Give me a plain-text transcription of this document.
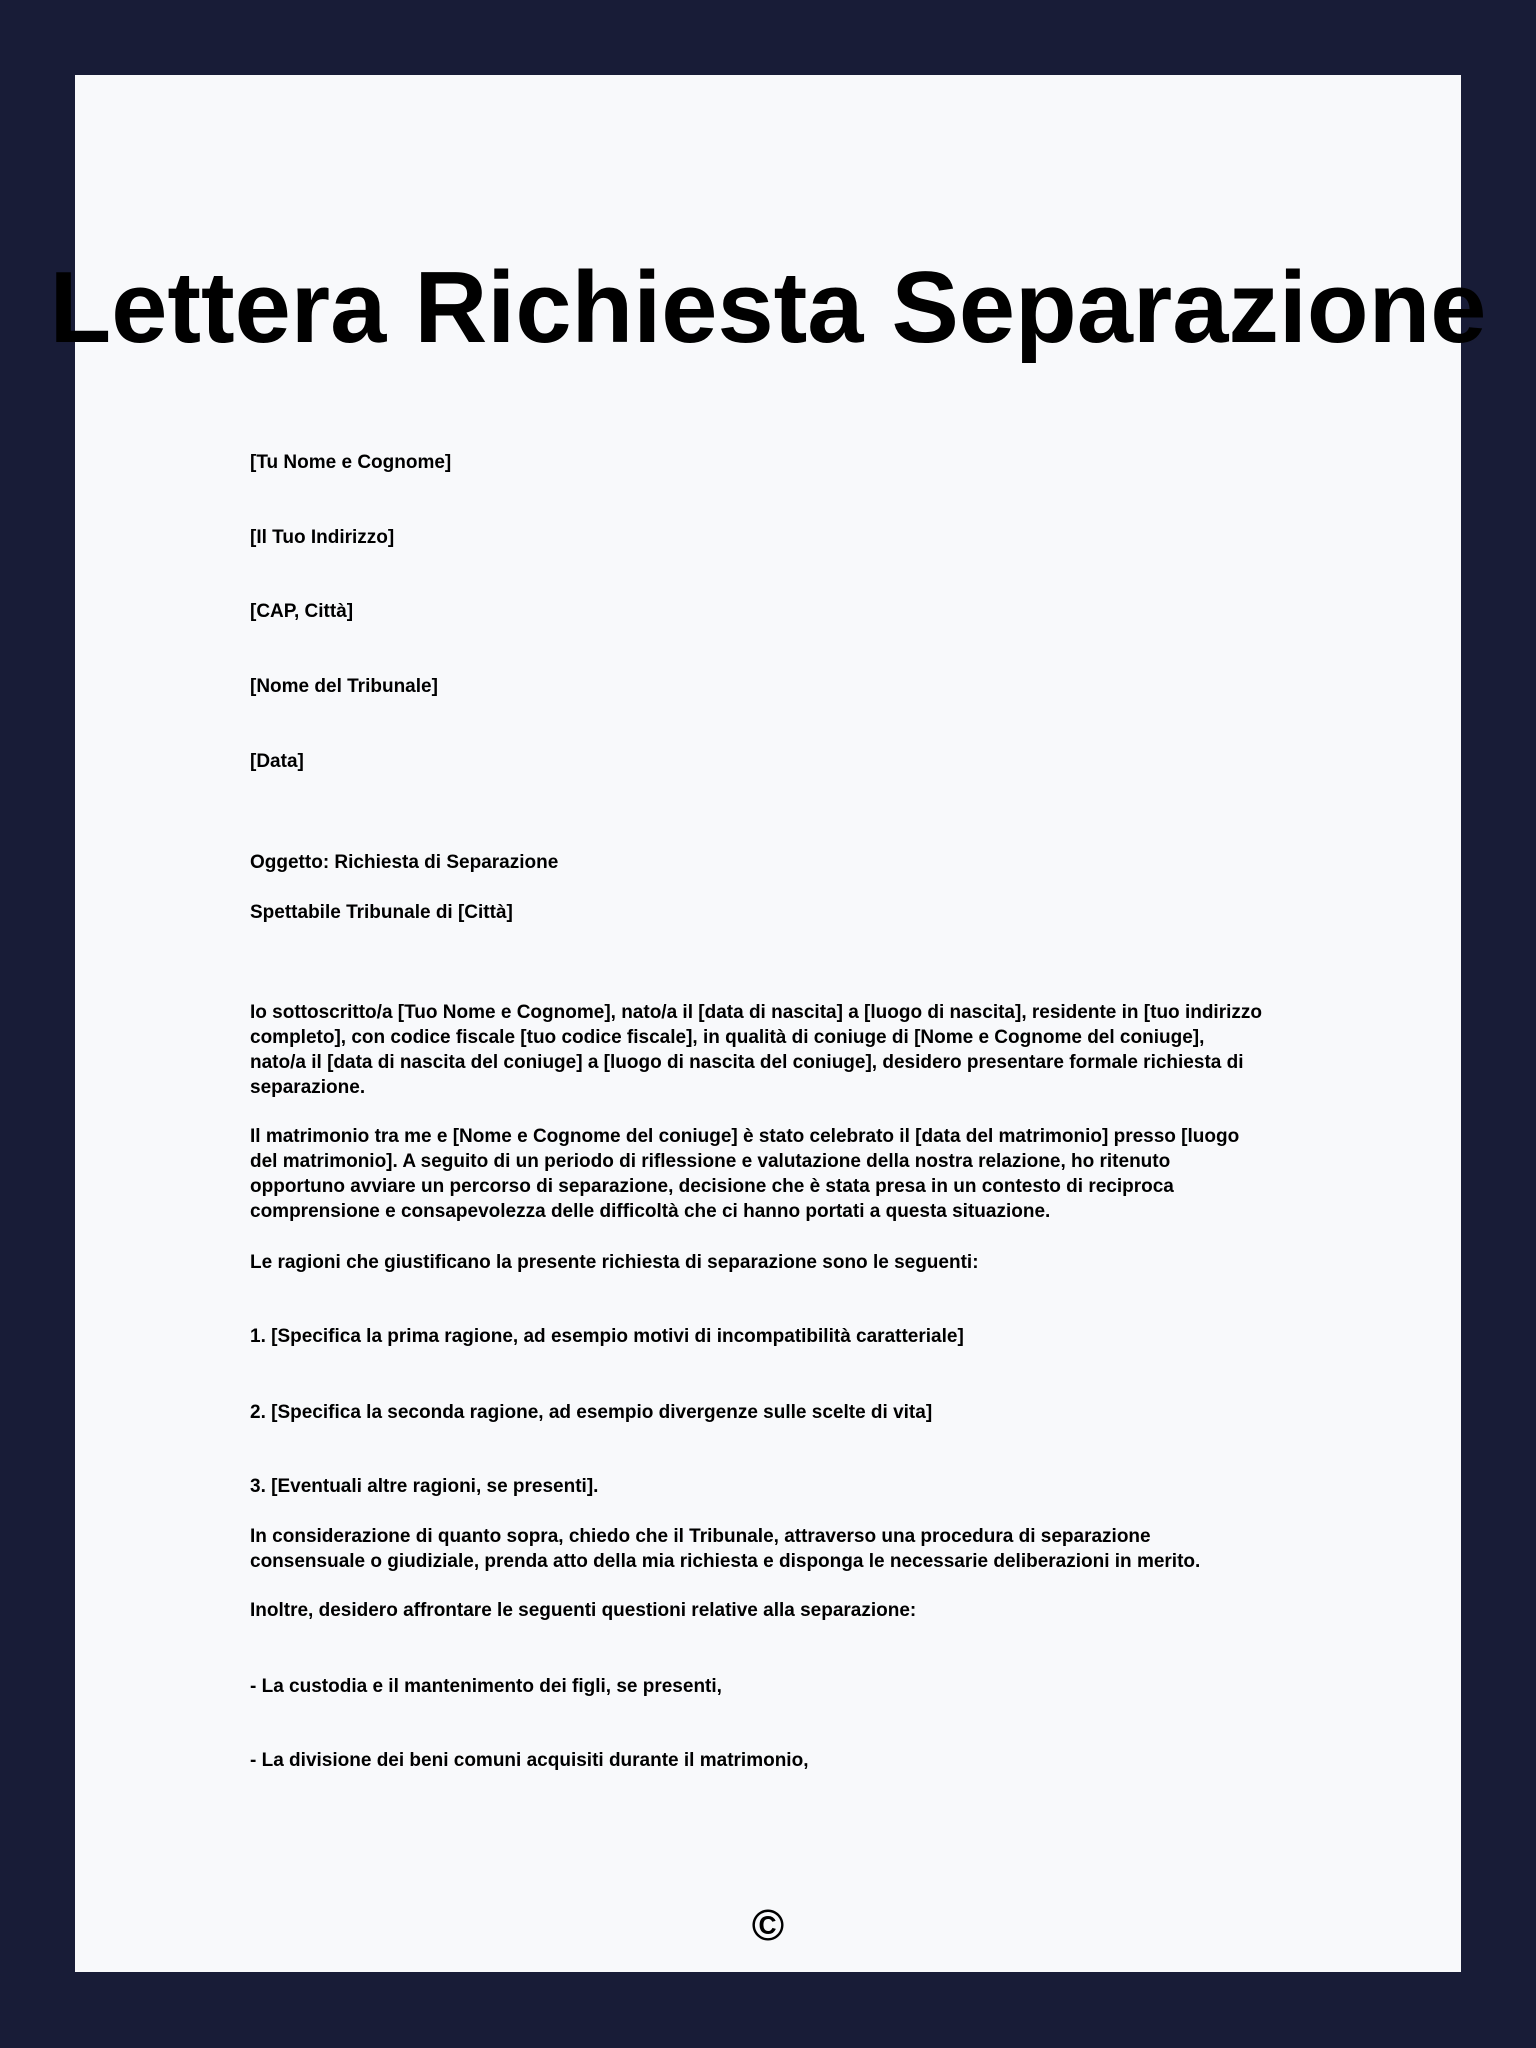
Lettera Richiesta Separazione

[Tu Nome e Cognome]

[Il Tuo Indirizzo]

[CAP, Città]

[Nome del Tribunale]

[Data]

Oggetto: Richiesta di Separazione

Spettabile Tribunale di [Città]

Io sottoscritto/a [Tuo Nome e Cognome], nato/a il [data di nascita] a [luogo di nascita], residente in [tuo indirizzo completo], con codice fiscale [tuo codice fiscale], in qualità di coniuge di [Nome e Cognome del coniuge], nato/a il [data di nascita del coniuge] a [luogo di nascita del coniuge], desidero presentare formale richiesta di separazione.

Il matrimonio tra me e [Nome e Cognome del coniuge] è stato celebrato il [data del matrimonio] presso [luogo del matrimonio]. A seguito di un periodo di riflessione e valutazione della nostra relazione, ho ritenuto opportuno avviare un percorso di separazione, decisione che è stata presa in un contesto di reciproca comprensione e consapevolezza delle difficoltà che ci hanno portati a questa situazione.

Le ragioni che giustificano la presente richiesta di separazione sono le seguenti:

1. [Specifica la prima ragione, ad esempio motivi di incompatibilità caratteriale]

2. [Specifica la seconda ragione, ad esempio divergenze sulle scelte di vita]

3. [Eventuali altre ragioni, se presenti].

In considerazione di quanto sopra, chiedo che il Tribunale, attraverso una procedura di separazione consensuale o giudiziale, prenda atto della mia richiesta e disponga le necessarie deliberazioni in merito.

Inoltre, desidero affrontare le seguenti questioni relative alla separazione:

- La custodia e il mantenimento dei figli, se presenti,

- La divisione dei beni comuni acquisiti durante il matrimonio,

©
